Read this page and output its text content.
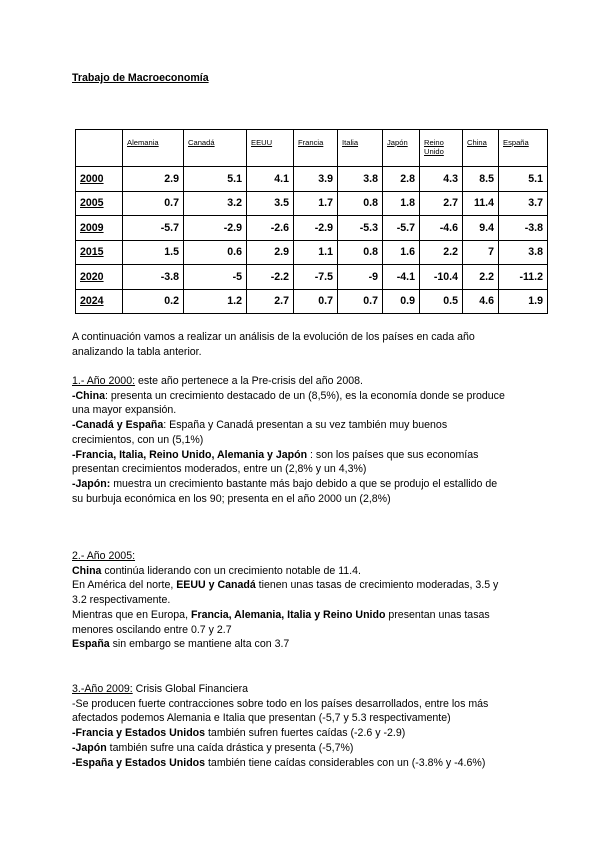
Trabajo de Macroeconomía
	Alemania	Canadá	EEUU	Francia	Italia	Japón	Reino Unido	China	España
2000	2.9	5.1	4.1	3.9	3.8	2.8	4.3	8.5	5.1
2005	0.7	3.2	3.5	1.7	0.8	1.8	2.7	11.4	3.7
2009	-5.7	-2.9	-2.6	-2.9	-5.3	-5.7	-4.6	9.4	-3.8
2015	1.5	0.6	2.9	1.1	0.8	1.6	2.2	7	3.8
2020	-3.8	-5	-2.2	-7.5	-9	-4.1	-10.4	2.2	-11.2
2024	0.2	1.2	2.7	0.7	0.7	0.9	0.5	4.6	1.9

A continuación vamos a realizar un análisis de la evolución de los países en cada año

analizando la tabla anterior.

1.- Año 2000: este año pertenece a la Pre-crisis del año 2008.

-China: presenta un crecimiento destacado de un (8,5%), es la economía donde se produce

una mayor expansión.

-Canadá y España: España y Canadá presentan a su vez también muy buenos

crecimientos, con un (5,1%)

-Francia, Italia, Reino Unido, Alemania y Japón : son los países que sus economías

presentan crecimientos moderados, entre un (2,8% y un 4,3%)

-Japón: muestra un crecimiento bastante más bajo debido a que se produjo el estallido de

su burbuja económica en los 90; presenta en el año 2000 un (2,8%)

2.- Año 2005:

China continúa liderando con un crecimiento notable de 11.4.

En América del norte, EEUU y Canadá tienen unas tasas de crecimiento moderadas, 3.5 y

3.2 respectivamente.

Mientras que en Europa, Francia, Alemania, Italia y Reino Unido presentan unas tasas

menores oscilando entre 0.7 y 2.7

España sin embargo se mantiene alta con 3.7

3.-Año 2009: Crisis Global Financiera

-Se producen fuerte contracciones sobre todo en los países desarrollados, entre los más

afectados podemos Alemania e Italia que presentan (-5,7 y 5.3 respectivamente)

-Francia y Estados Unidos también sufren fuertes caídas (-2.6 y -2.9)

-Japón también sufre una caída drástica y presenta (-5,7%)

-España y Estados Unidos también tiene caídas considerables con un (-3.8% y -4.6%)
